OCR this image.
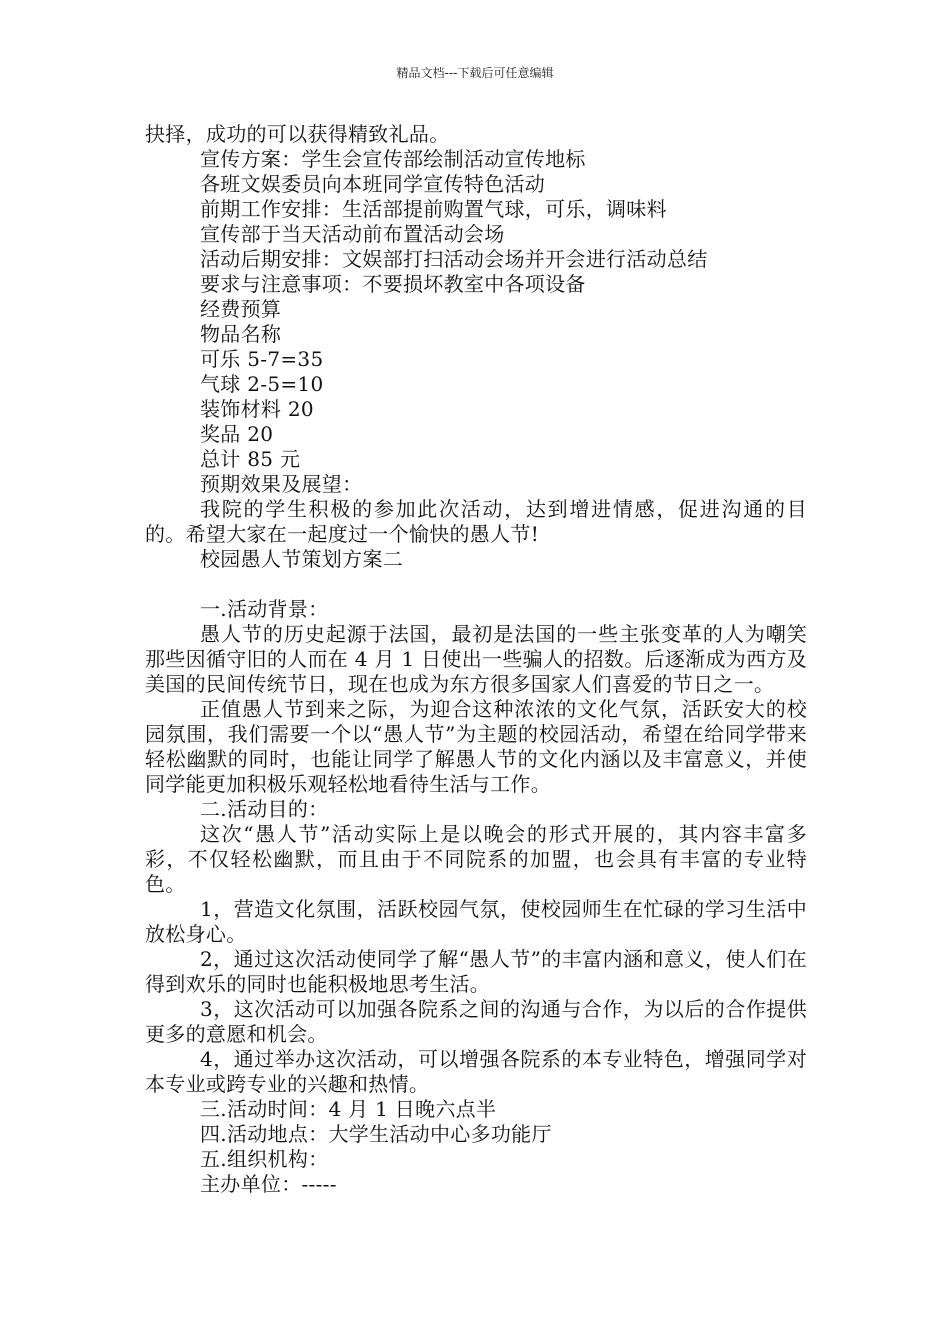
精品文档---下载后可任意编辑

抉择，成功的可以获得精致礼品。

宣传方案：学生会宣传部绘制活动宣传地标

各班文娱委员向本班同学宣传特色活动

前期工作安排：生活部提前购置气球，可乐，调味料

宣传部于当天活动前布置活动会场

活动后期安排：文娱部打扫活动会场并开会进行活动总结

要求与注意事项：不要损坏教室中各项设备

经费预算

物品名称

可乐 5-7=35

气球 2-5=10

装饰材料 20

奖品 20

总计 85 元

预期效果及展望：

我院的学生积极的参加此次活动，达到增进情感，促进沟通的目的。希望大家在一起度过一个愉快的愚人节!

校园愚人节策划方案二

一.活动背景：

愚人节的历史起源于法国，最初是法国的一些主张变革的人为嘲笑那些因循守旧的人而在 4 月 1 日使出一些骗人的招数。后逐渐成为西方及美国的民间传统节日，现在也成为东方很多国家人们喜爱的节日之一。

正值愚人节到来之际，为迎合这种浓浓的文化气氛，活跃安大的校园氛围，我们需要一个以“愚人节”为主题的校园活动，希望在给同学带来轻松幽默的同时，也能让同学了解愚人节的文化内涵以及丰富意义，并使同学能更加积极乐观轻松地看待生活与工作。

二.活动目的：

这次“愚人节”活动实际上是以晚会的形式开展的，其内容丰富多彩，不仅轻松幽默，而且由于不同院系的加盟，也会具有丰富的专业特色。

1，营造文化氛围，活跃校园气氛，使校园师生在忙碌的学习生活中放松身心。

2，通过这次活动使同学了解“愚人节”的丰富内涵和意义，使人们在得到欢乐的同时也能积极地思考生活。

3，这次活动可以加强各院系之间的沟通与合作，为以后的合作提供更多的意愿和机会。

4，通过举办这次活动，可以增强各院系的本专业特色，增强同学对本专业或跨专业的兴趣和热情。

三.活动时间：4 月 1 日晚六点半

四.活动地点：大学生活动中心多功能厅

五.组织机构：

主办单位：-----
